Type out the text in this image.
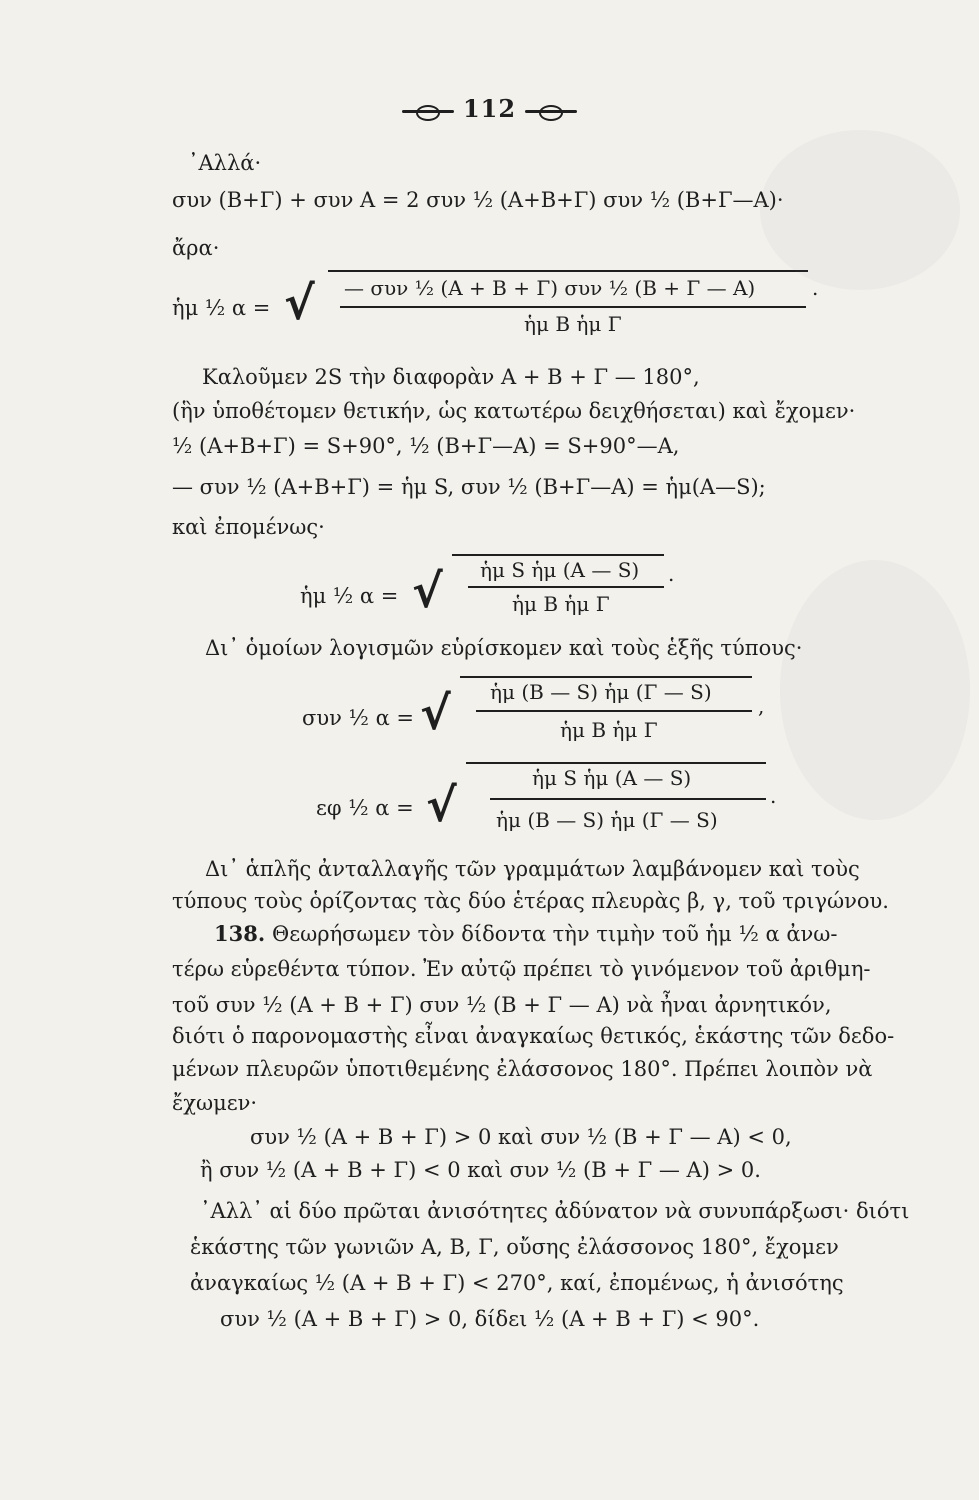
112
᾿Αλλά·
συν (Β+Γ) + συν Α = 2 συν ½ (Α+Β+Γ) συν ½ (Β+Γ—Α)·
ἄρα·
ἡμ ½ α = √ — συν ½ (Α + Β + Γ) συν ½ (Β + Γ — Α)
ἡμ Β ἡμ Γ
.
Καλοῦμεν 2S τὴν διαφορὰν Α + Β + Γ — 180°,
(ἣν ὑποθέτομεν θετικήν, ὡς κατωτέρω δειχθήσεται) καὶ ἔχομεν·
½ (Α+Β+Γ) = S+90°, ½ (Β+Γ—Α) = S+90°—Α,
— συν ½ (Α+Β+Γ) = ἡμ S, συν ½ (Β+Γ—Α) = ἡμ(Α—S);
καὶ ἐπομένως·
ἡμ ½ α = √ ἡμ S ἡμ (Α — S)
ἡμ Β ἡμ Γ
.
Δι᾿ ὁμοίων λογισμῶν εὑρίσκομεν καὶ τοὺς ἑξῆς τύπους·
συν ½ α = √ ἡμ (Β — S) ἡμ (Γ — S)
ἡμ Β ἡμ Γ
,
εφ ½ α = √	ἡμ S ἡμ (Α — S)
ἡμ (Β — S) ἡμ (Γ — S)
.
Δι᾿ ἁπλῆς ἀνταλλαγῆς τῶν γραμμάτων λαμβάνομεν καὶ τοὺς
τύπους τοὺς ὁρίζοντας τὰς δύο ἑτέρας πλευρὰς β, γ, τοῦ τριγώνου.
138. Θεωρήσωμεν τὸν δίδοντα τὴν τιμὴν τοῦ ἡμ ½ α ἀνω-
τέρω εὑρεθέντα τύπον. Ἐν αὐτῷ πρέπει τὸ γινόμενον τοῦ ἀριθμη-
τοῦ συν ½ (Α + Β + Γ) συν ½ (Β + Γ — Α) νὰ ἦναι ἀρνητικόν,
διότι ὁ παρονομαστὴς εἶναι ἀναγκαίως θετικός, ἑκάστης τῶν δεδο-
μένων πλευρῶν ὑποτιθεμένης ἐλάσσονος 180°. Πρέπει λοιπὸν νὰ
ἔχωμεν·
συν ½ (Α + Β + Γ) > 0 καὶ συν ½ (Β + Γ — Α) < 0,
ἢ συν ½ (Α + Β + Γ) < 0 καὶ συν ½ (Β + Γ — Α) > 0.
᾿Αλλ᾿ αἱ δύο πρῶται ἀνισότητες ἀδύνατον νὰ συνυπάρξωσι· διότι
ἑκάστης τῶν γωνιῶν Α, Β, Γ, οὔσης ἐλάσσονος 180°, ἔχομεν
ἀναγκαίως ½ (Α + Β + Γ) < 270°, καί, ἐπομένως, ἡ ἀνισότης
συν ½ (Α + Β + Γ) > 0, δίδει ½ (Α + Β + Γ) < 90°.
